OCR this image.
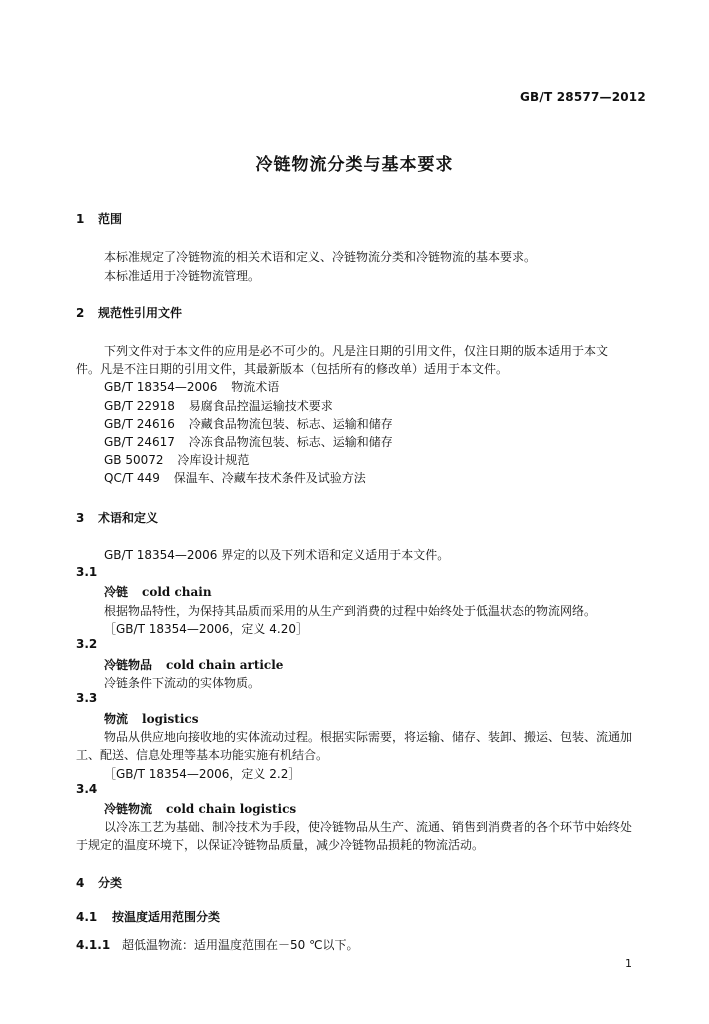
GB/T 28577—2012
冷链物流分类与基本要求
1 范围
本标准规定了冷链物流的相关术语和定义、冷链物流分类和冷链物流的基本要求。
本标准适用于冷链物流管理。
2 规范性引用文件
下列文件对于本文件的应用是必不可少的。凡是注日期的引用文件，仅注日期的版本适用于本文
件。凡是不注日期的引用文件，其最新版本（包括所有的修改单）适用于本文件。
GB/T 18354—2006 物流术语
GB/T 22918 易腐食品控温运输技术要求
GB/T 24616 冷藏食品物流包装、标志、运输和储存
GB/T 24617 冷冻食品物流包装、标志、运输和储存
GB 50072 冷库设计规范
QC/T 449 保温车、冷藏车技术条件及试验方法
3 术语和定义
GB/T 18354—2006 界定的以及下列术语和定义适用于本文件。
3.1
冷链 cold chain
根据物品特性，为保持其品质而采用的从生产到消费的过程中始终处于低温状态的物流网络。
［GB/T 18354—2006，定义 4.20］
3.2
冷链物品 cold chain article
冷链条件下流动的实体物质。
3.3
物流 logistics
物品从供应地向接收地的实体流动过程。根据实际需要，将运输、储存、装卸、搬运、包装、流通加
工、配送、信息处理等基本功能实施有机结合。
［GB/T 18354—2006，定义 2.2］
3.4
冷链物流 cold chain logistics
以冷冻工艺为基础、制冷技术为手段，使冷链物品从生产、流通、销售到消费者的各个环节中始终处
于规定的温度环境下，以保证冷链物品质量，减少冷链物品损耗的物流活动。
4 分类
4.1 按温度适用范围分类
4.1.1 超低温物流：适用温度范围在－50 ℃以下。
1
